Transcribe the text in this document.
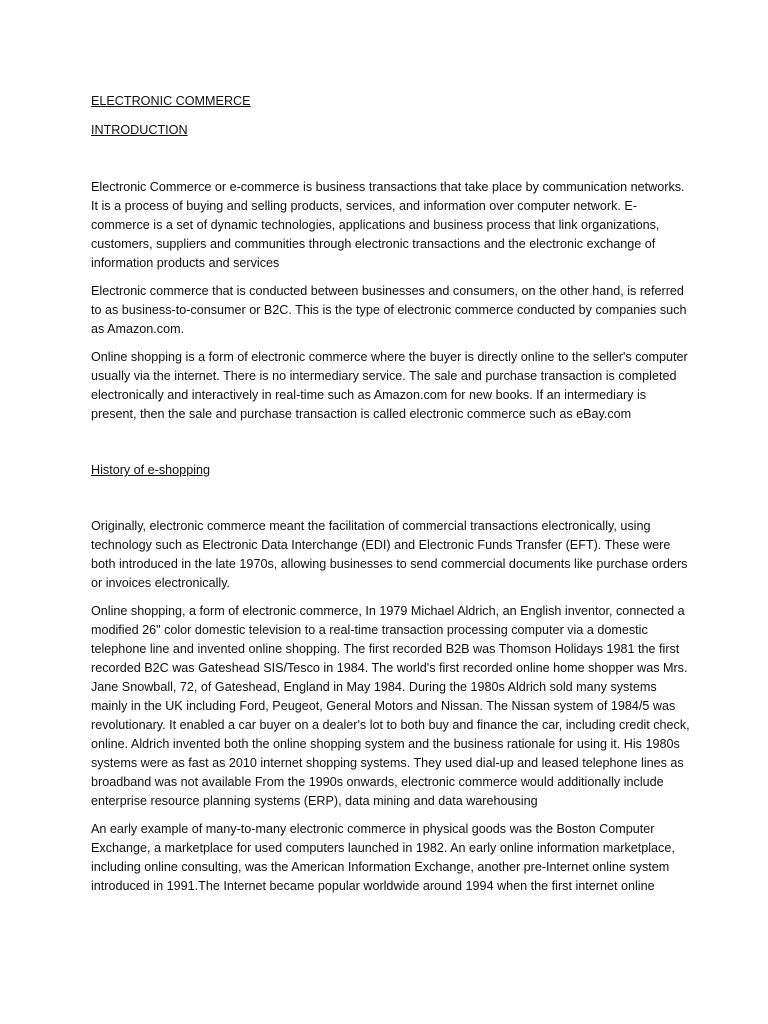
ELECTRONIC COMMERCE
INTRODUCTION

Electronic Commerce or e-commerce is business transactions that take place by communication networks. It is a process of buying and selling products, services, and information over computer network. E-commerce is a set of dynamic technologies, applications and business process that link organizations, customers, suppliers and communities through electronic transactions and the electronic exchange of information products and services

Electronic commerce that is conducted between businesses and consumers, on the other hand, is referred to as business-to-consumer or B2C. This is the type of electronic commerce conducted by companies such as Amazon.com.

Online shopping is a form of electronic commerce where the buyer is directly online to the seller's computer usually via the internet. There is no intermediary service. The sale and purchase transaction is completed electronically and interactively in real-time such as Amazon.com for new books. If an intermediary is present, then the sale and purchase transaction is called electronic commerce such as eBay.com

History of e-shopping

Originally, electronic commerce meant the facilitation of commercial transactions electronically, using technology such as Electronic Data Interchange (EDI) and Electronic Funds Transfer (EFT). These were both introduced in the late 1970s, allowing businesses to send commercial documents like purchase orders or invoices electronically.

Online shopping, a form of electronic commerce, In 1979 Michael Aldrich, an English inventor, connected a modified 26" color domestic television to a real-time transaction processing computer via a domestic telephone line and invented online shopping. The first recorded B2B was Thomson Holidays 1981 the first recorded B2C was Gateshead SIS/Tesco in 1984. The world's first recorded online home shopper was Mrs. Jane Snowball, 72, of Gateshead, England in May 1984. During the 1980s Aldrich sold many systems mainly in the UK including Ford, Peugeot, General Motors and Nissan. The Nissan system of 1984/5 was revolutionary. It enabled a car buyer on a dealer's lot to both buy and finance the car, including credit check, online. Aldrich invented both the online shopping system and the business rationale for using it. His 1980s systems were as fast as 2010 internet shopping systems. They used dial-up and leased telephone lines as broadband was not available From the 1990s onwards, electronic commerce would additionally include enterprise resource planning systems (ERP), data mining and data warehousing

An early example of many-to-many electronic commerce in physical goods was the Boston Computer Exchange, a marketplace for used computers launched in 1982. An early online information marketplace, including online consulting, was the American Information Exchange, another pre-Internet online system introduced in 1991.The Internet became popular worldwide around 1994 when the first internet online
